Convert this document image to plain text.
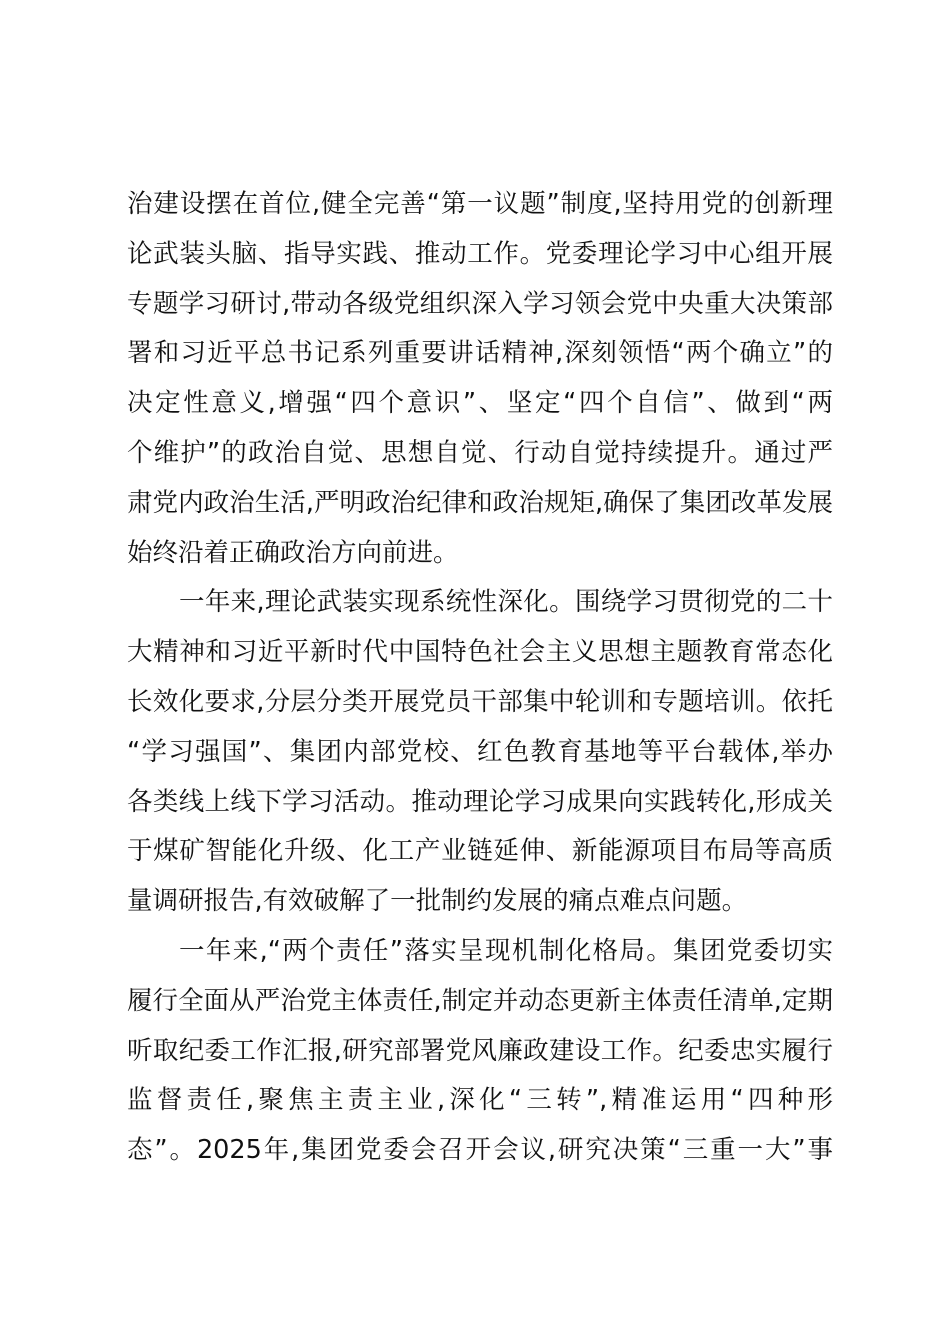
治建设摆在首位,健全完善“第一议题”制度,坚持用党的创新理
论武装头脑、指导实践、推动工作。党委理论学习中心组开展
专题学习研讨,带动各级党组织深入学习领会党中央重大决策部
署和习近平总书记系列重要讲话精神,深刻领悟“两个确立”的
决定性意义,增强“四个意识”、坚定“四个自信”、做到“两
个维护”的政治自觉、思想自觉、行动自觉持续提升。通过严
肃党内政治生活,严明政治纪律和政治规矩,确保了集团改革发展
始终沿着正确政治方向前进。
一年来,理论武装实现系统性深化。围绕学习贯彻党的二十
大精神和习近平新时代中国特色社会主义思想主题教育常态化
长效化要求,分层分类开展党员干部集中轮训和专题培训。依托
“学习强国”、集团内部党校、红色教育基地等平台载体,举办
各类线上线下学习活动。推动理论学习成果向实践转化,形成关
于煤矿智能化升级、化工产业链延伸、新能源项目布局等高质
量调研报告,有效破解了一批制约发展的痛点难点问题。
一年来,“两个责任”落实呈现机制化格局。集团党委切实
履行全面从严治党主体责任,制定并动态更新主体责任清单,定期
听取纪委工作汇报,研究部署党风廉政建设工作。纪委忠实履行
监督责任,聚焦主责主业,深化“三转”,精准运用“四种形
态”。2025年,集团党委会召开会议,研究决策“三重一大”事
